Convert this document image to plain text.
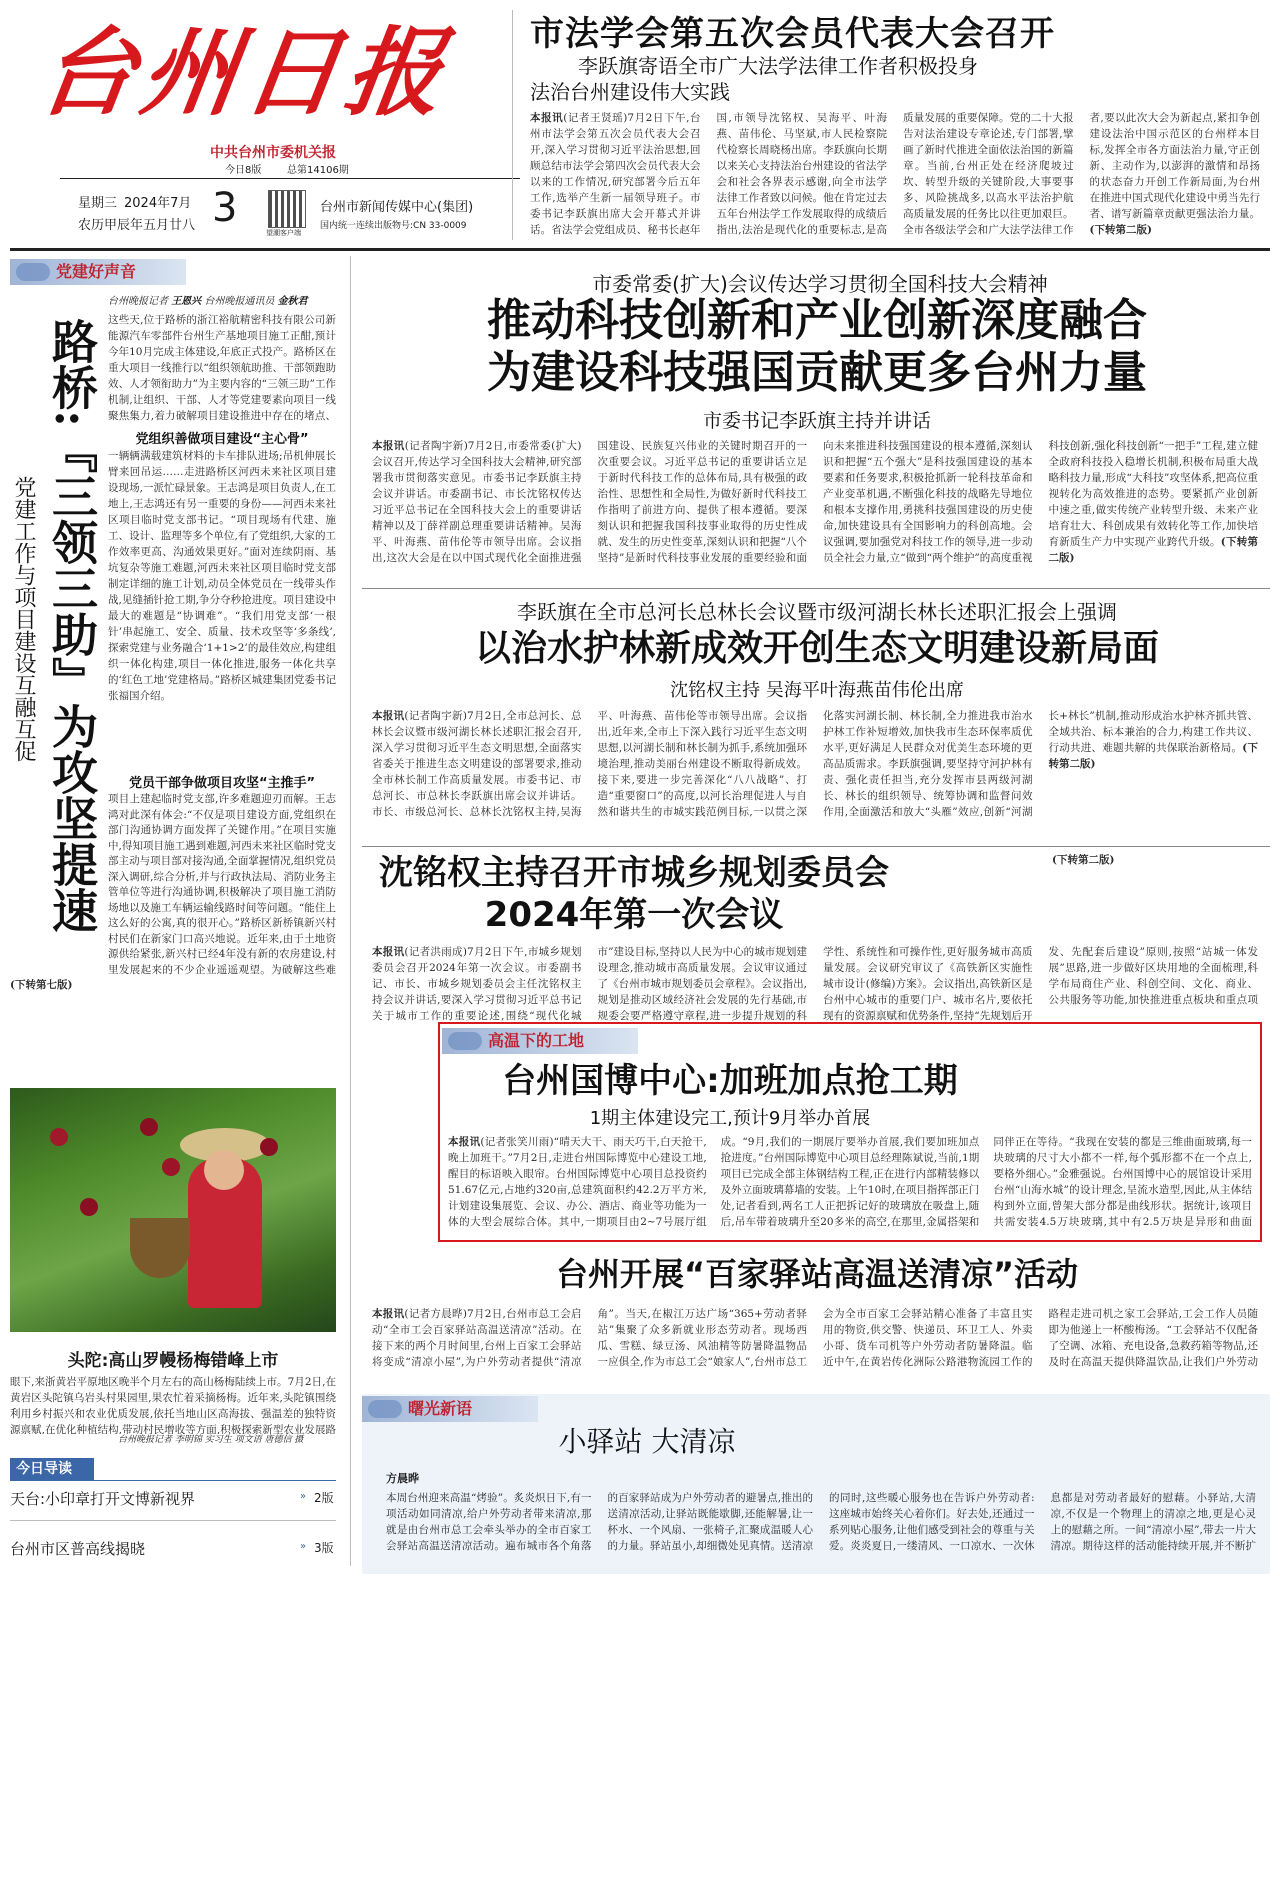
台州日报
中共台州市委机关报
今日8版	总第14106期
星期三 2024年7月 3
农历甲辰年五月廿八	望潮客户端
台州市新闻传媒中心(集团)
国内统一连续出版物号:CN 33-0009
市法学会第五次会员代表大会召开
李跃旗寄语全市广大法学法律工作者积极投身
法治台州建设伟大实践
本报讯(记者王贤瑶)7月2日下午,台州市法学会第五次会员代表大会召开,深入学习贯彻习近平法治思想,回顾总结市法学会第四次会员代表大会以来的工作情况,研究部署今后五年工作,选举产生新一届领导班子。市委书记李跃旗出席大会开幕式并讲话。省法学会党组成员、秘书长赵年国,市领导沈铭权、吴海平、叶海燕、苗伟伦、马坚斌,市人民检察院代检察长周晓杨出席。李跃旗向长期以来关心支持法治台州建设的省法学会和社会各界表示感谢,向全市法学法律工作者致以问候。他在肯定过去五年台州法学工作发展取得的成绩后指出,法治是现代化的重要标志,是高质量发展的重要保障。党的二十大报告对法治建设专章论述,专门部署,擘画了新时代推进全面依法治国的新篇章。当前,台州正处在经济爬坡过坎、转型升级的关键阶段,大事要事多、风险挑战多,以高水平法治护航高质量发展的任务比以往更加艰巨。全市各级法学会和广大法学法律工作者,要以此次大会为新起点,紧扣争创建设法治中国示范区的台州样本目标,发挥全市各方面法治力量,守正创新、主动作为,以澎湃的激情和昂扬的状态奋力开创工作新局面,为台州在推进中国式现代化建设中勇当先行者、谱写新篇章贡献更强法治力量。(下转第二版)
党建好声音
台州晚报记者 王恩兴 台州晚报通讯员 金秋君
路桥:『三领三助』为攻坚提速
党建工作与项目建设互融互促
这些天,位于路桥的浙江裕航精密科技有限公司新能源汽车零部件台州生产基地项目施工正酣,预计今年10月完成主体建设,年底正式投产。路桥区在重大项目一线推行以“组织领航助推、干部领跑助效、人才领衔助力”为主要内容的“三领三助”工作机制,让组织、干部、人才等党建要素向项目一线聚焦集力,着力破解项目建设推进中存在的堵点、
党组织善做项目建设“主心骨”
一辆辆满载建筑材料的卡车排队进场;吊机伸展长臂来回吊运……走进路桥区河西未来社区项目建设现场,一派忙碌景象。王志鸿是项目负责人,在工地上,王志鸿还有另一重要的身份——河西未来社区项目临时党支部书记。“项目现场有代建、施工、设计、监理等多个单位,有了党组织,大家的工作效率更高、沟通效果更好。”面对连续阴雨、基坑复杂等施工难题,河西未来社区项目临时党支部制定详细的施工计划,动员全体党员在一线带头作战,见缝插针抢工期,争分夺秒抢进度。项目建设中最大的难题是“协调难”。“我们用党支部‘一根针’串起施工、安全、质量、技术攻坚等‘多条线’,探索党建与业务融合‘1+1>2’的最佳效应,构建组织一体化构建,项目一体化推进,服务一体化共享的‘红色工地’党建格局。”路桥区城建集团党委书记张福国介绍。
党员干部争做项目攻坚“主推手”
项目上建起临时党支部,许多难题迎刃而解。王志鸿对此深有体会:“不仅是项目建设方面,党组织在部门沟通协调方面发挥了关键作用。”在项目实施中,得知项目施工遇到难题,河西未来社区临时党支部主动与项目部对接沟通,全面掌握情况,组织党员深入调研,综合分析,并与行政执法局、消防业务主管单位等进行沟通协调,积极解决了项目施工消防场地以及施工车辆运输线路时间等问题。“能住上这么好的公寓,真的很开心。”路桥区新桥镇新兴村村民们在新家门口高兴地说。近年来,由于土地资源供给紧张,新兴村已经4年没有新的农房建设,村里发展起来的不少企业遥遥观望。为破解这些难
(下转第七版)
头陀:高山罗幔杨梅错峰上市
眼下,来浙黄岩平原地区晚半个月左右的高山杨梅陆续上市。7月2日,在黄岩区头陀镇乌岩头村果园里,果农忙着采摘杨梅。近年来,头陀镇围绕利用乡村振兴和农业优质发展,依托当地山区高海拔、强温差的独特资源禀赋,在优化种植结构,带动村民增收等方面,积极探索新型农业发展路
台州晚报记者 李明锦 实习生 项文语 唐德信 摄
今日导读
天台:小印章打开文博新视界	» 2版
台州市区普高线揭晓	» 3版
市委常委(扩大)会议传达学习贯彻全国科技大会精神
推动科技创新和产业创新深度融合
为建设科技强国贡献更多台州力量
市委书记李跃旗主持并讲话
本报讯(记者陶宇新)7月2日,市委常委(扩大)会议召开,传达学习全国科技大会精神,研究部署我市贯彻落实意见。市委书记李跃旗主持会议并讲话。市委副书记、市长沈铭权传达习近平总书记在全国科技大会上的重要讲话精神以及丁薛祥副总理重要讲话精神。吴海平、叶海燕、苗伟伦等市领导出席。会议指出,这次大会是在以中国式现代化全面推进强国建设、民族复兴伟业的关键时期召开的一次重要会议。习近平总书记的重要讲话立足于新时代科技工作的总体布局,具有极强的政治性、思想性和全局性,为做好新时代科技工作指明了前进方向、提供了根本遵循。要深刻认识和把握我国科技事业取得的历史性成就、发生的历史性变革,深刻认识和把握“八个坚持”是新时代科技事业发展的重要经验和面向未来推进科技强国建设的根本遵循,深刻认识和把握“五个强大”是科技强国建设的基本要素和任务要求,积极抢抓新一轮科技革命和产业变革机遇,不断强化科技的战略先导地位和根本支撑作用,勇挑科技强国建设的历史使命,加快建设具有全国影响力的科创高地。会议强调,要加强党对科技工作的领导,进一步动员全社会力量,立“做到“两个维护”的高度重视科技创新,强化科技创新“一把手”工程,建立健全政府科技投入稳增长机制,积极布局重大战略科技力量,形成“大科技”攻坚体系,把高位重视转化为高效推进的态势。要紧抓产业创新中速之重,做实传统产业转型升级、未来产业培育壮大、科创成果有效转化等工作,加快培育新质生产力中实现产业跨代升级。(下转第二版)
李跃旗在全市总河长总林长会议暨市级河湖长林长述职汇报会上强调
以治水护林新成效开创生态文明建设新局面
沈铭权主持 吴海平叶海燕苗伟伦出席
本报讯(记者陶宇新)7月2日,全市总河长、总林长会议暨市级河湖长林长述职汇报会召开,深入学习贯彻习近平生态文明思想,全面落实省委关于推进生态文明建设的部署要求,推动全市林长制工作高质量发展。市委书记、市总河长、市总林长李跃旗出席会议并讲话。市长、市级总河长、总林长沈铭权主持,吴海平、叶海燕、苗伟伦等市领导出席。会议指出,近年来,全市上下深入践行习近平生态文明思想,以河湖长制和林长制为抓手,系统加强环境治理,推动美丽台州建设不断取得新成效。接下来,要进一步完善深化“八八战略”、打造“重要窗口”的高度,以河长治理促进人与自然和谐共生的市城实践范例目标,一以贯之深化落实河湖长制、林长制,全力推进我市治水护林工作补短增效,加快我市生态环保率质优水平,更好满足人民群众对优美生态环境的更高品质需求。李跃旗强调,要坚持守河护林有责、强化责任担当,充分发挥市县两级河湖长、林长的组织领导、统筹协调和监督问效作用,全面激活和放大“头雁”效应,创新“河湖长+林长”机制,推动形成治水护林齐抓共管、全域共治、标本兼治的合力,构建工作共议、行动共进、难题共解的共保联治新格局。(下转第二版)
沈铭权主持召开市城乡规划委员会
2024年第一次会议
本报讯(记者洪雨成)7月2日下午,市城乡规划委员会召开2024年第一次会议。市委副书记、市长、市城乡规划委员会主任沈铭权主持会议并讲话,要深入学习贯彻习近平总书记关于城市工作的重要论述,围绕“现代化城市”建设目标,坚持以人民为中心的城市规划建设理念,推动城市高质量发展。会议审议通过了《台州市城市规划委员会章程》。会议指出,规划是推动区域经济社会发展的先行基础,市规委会要严格遵守章程,进一步提升规划的科学性、系统性和可操作性,更好服务城市高质量发展。会议研究审议了《高铁新区实施性城市设计(修编)方案》。会议指出,高铁新区是台州中心城市的重要门户、城市名片,要依托现有的资源禀赋和优势条件,坚持“先规划后开发、先配套后建设”原则,按照“站城一体发展”思路,进一步做好区块用地的全面梳理,科学布局商住产业、科创空间、文化、商业、公共服务等功能,加快推进重点板块和重点项
(下转第二版)
高温下的工地
台州国博中心:加班加点抢工期
1期主体建设完工,预计9月举办首展
本报讯(记者张笑川雨)“晴天大干、雨天巧干,白天抢干,晚上加班干。”7月2日,走进台州国际博览中心建设工地,醒目的标语映入眼帘。台州国际博览中心项目总投资约51.67亿元,占地约320亩,总建筑面积约42.2万平方米,计划建设集展览、会议、办公、酒店、商业等功能为一体的大型会展综合体。其中,一期项目由2~7号展厅组成。“9月,我们的一期展厅要举办首展,我们要加班加点抢进度。”台州国际博览中心项目总经理陈斌说,当前,1期项目已完成全部主体钢结构工程,正在进行内部精装修以及外立面玻璃幕墙的安装。上午10时,在项目指挥部正门处,记者看到,两名工人正把拆记好的玻璃放在吸盘上,随后,吊车带着玻璃升至20多米的高空,在那里,金属搭架和同伴正在等待。“我现在安装的都是三维曲面玻璃,每一块玻璃的尺寸大小都不一样,每个弧形都不在一个点上,要格外细心。”金雅强说。台州国博中心的展馆设计采用台州“山海水城”的设计理念,呈流水造型,因此,从主体结构到外立面,曾架大部分都是曲线形状。据统计,该项目共需安装4.5万块玻璃,其中有2.5万块是异形和曲面
台州开展“百家驿站高温送清凉”活动
本报讯(记者方晨晔)7月2日,台州市总工会启动“全市工会百家驿站高温送清凉”活动。在接下来的两个月时间里,台州上百家工会驿站将变成“清凉小屋”,为户外劳动者提供“清凉角”。当天,在椒江万达广场“365+劳动者驿站”集聚了众多新就业形态劳动者。现场西瓜、雪糕、绿豆汤、风油精等防暑降温物品一应俱全,作为市总工会“娘家人”,台州市总工会为全市百家工会驿站精心准备了丰富且实用的物资,供交警、快递员、环卫工人、外卖小哥、货车司机等户外劳动者防暑降温。临近中午,在黄岩传化洲际公路港物流园工作的路程走进司机之家工会驿站,工会工作人员随即为他递上一杯酸梅汤。“工会驿站不仅配备了空调、冰箱、充电设备,急救药箱等物品,还及时在高温天提供降温饮品,让我们户外劳动
曙光新语
小驿站 大清凉
方晨晔
本周台州迎来高温“烤验”。炙炎炽日下,有一项活动如同清凉,给户外劳动者带来清凉,那就是由台州市总工会牵头举办的全市百家工会驿站高温送清凉活动。遍布城市各个角落的百家驿站成为户外劳动者的避暑点,推出的送清凉活动,让驿站既能歇脚,还能解暑,让一杯水、一个风扇、一张椅子,汇聚成温暖人心的力量。驿站虽小,却细微处见真情。送清凉的同时,这些暖心服务也在告诉户外劳动者:这座城市始终关心着你们。好去处,还通过一系列贴心服务,让他们感受到社会的尊重与关爱。炎炎夏日,一缕清风、一口凉水、一次休息都是对劳动者最好的慰藉。小驿站,大清凉,不仅是一个物理上的清凉之地,更是心灵上的慰藉之所。一间“清凉小屋”,带去一片大清凉。期待这样的活动能持续开展,并不断扩
